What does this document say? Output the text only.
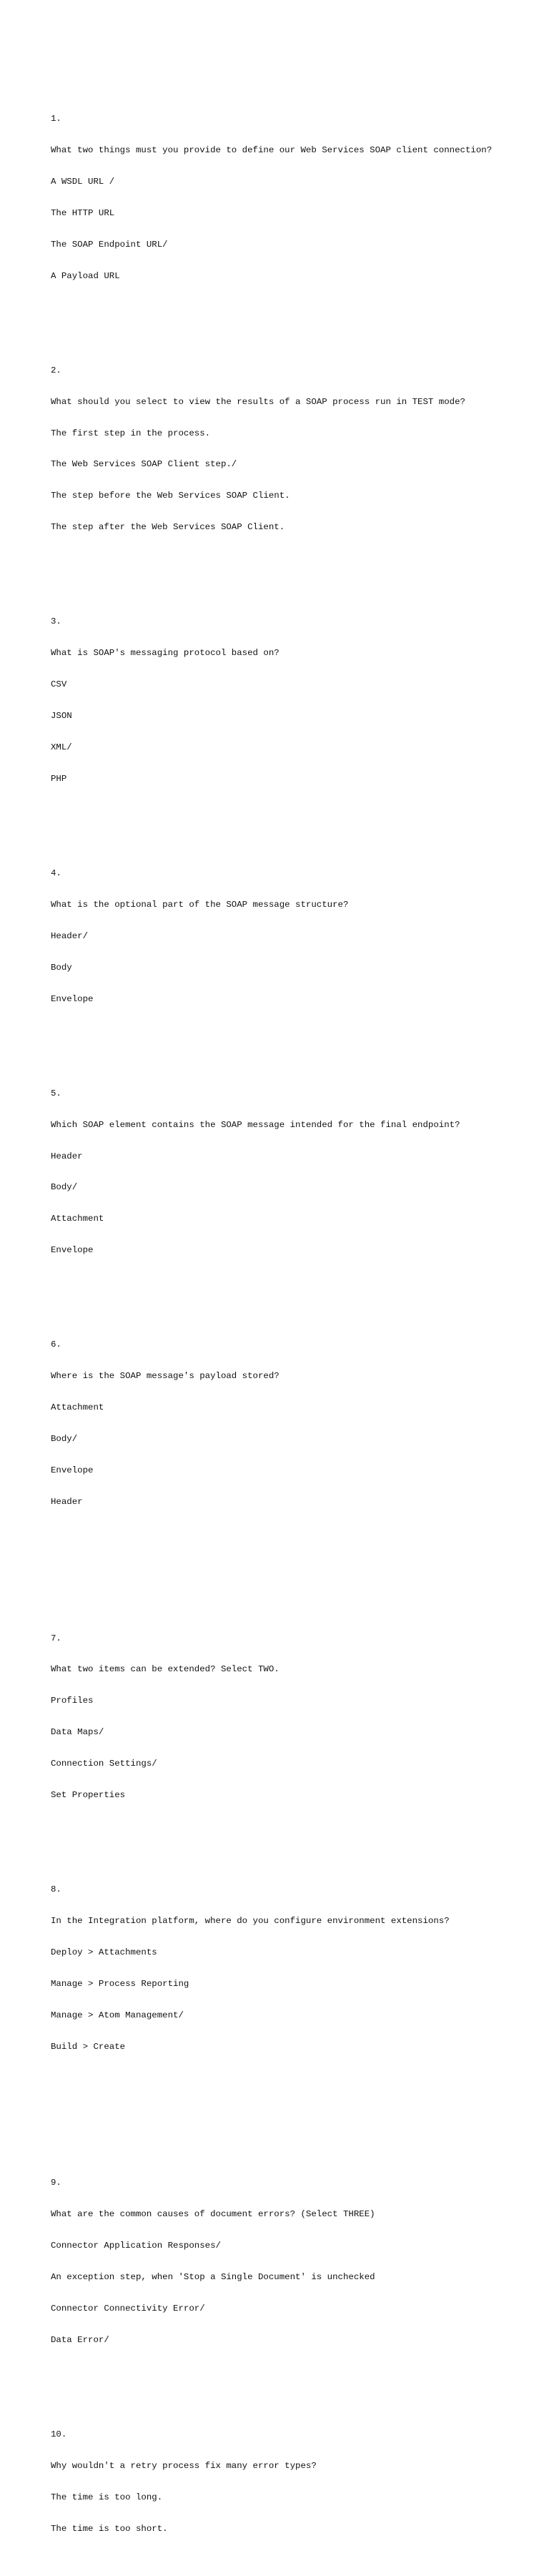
1.

What two things must you provide to define our Web Services SOAP client connection?

A WSDL URL /

The HTTP URL

The SOAP Endpoint URL/

A Payload URL

2.

What should you select to view the results of a SOAP process run in TEST mode?

The first step in the process.

The Web Services SOAP Client step./

The step before the Web Services SOAP Client.

The step after the Web Services SOAP Client.

3.

What is SOAP's messaging protocol based on?

CSV

JSON

XML/

PHP

4.

What is the optional part of the SOAP message structure?

Header/

Body

Envelope

5.

Which SOAP element contains the SOAP message intended for the final endpoint?

Header

Body/

Attachment

Envelope

6.

Where is the SOAP message's payload stored?

Attachment

Body/

Envelope

Header

7.

What two items can be extended? Select TWO.

Profiles

Data Maps/

Connection Settings/

Set Properties

8.

In the Integration platform, where do you configure environment extensions?

Deploy > Attachments

Manage > Process Reporting

Manage > Atom Management/

Build > Create

9.

What are the common causes of document errors? (Select THREE)

Connector Application Responses/

An exception step, when 'Stop a Single Document' is unchecked

Connector Connectivity Error/

Data Error/

10.

Why wouldn't a retry process fix many error types?

The time is too long.

The time is too short.
